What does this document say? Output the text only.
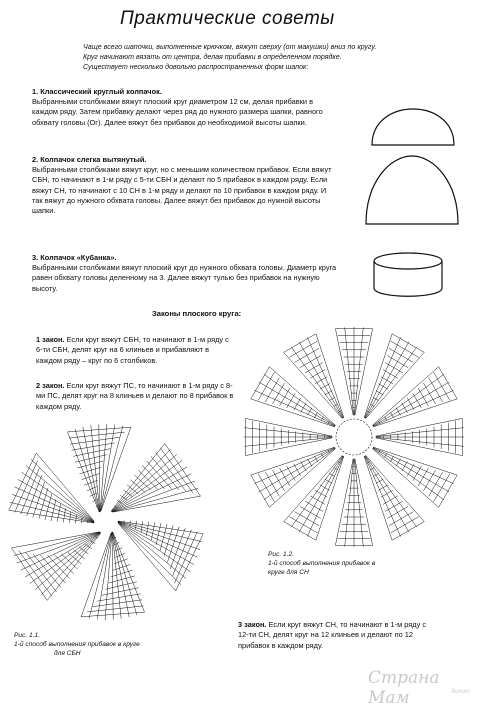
Практические советы

Чаще всего шапочки, выполненные крючком, вяжут сверху (от макушки) вниз по кругу.

Круг начинают вязать от центра, делая прибавки в определенном порядке.

Существует несколько довольно распространенных форм шапок:

1. Классический круглый колпачок.

Выбранными столбиками вяжут плоский круг диаметром 12 см, делая прибавки в каждом ряду. Затем прибавку делают через ряд до нужного размера шапки, равного обхвату головы (Ог). Далее вяжут без прибавок до необходимой высоты шапки.

2. Колпачок слегка вытянутый.

Выбранными столбиками вяжут круг, но с меньшим количеством прибавок. Если вяжут СБН, то начинают в 1-м ряду с 5-ти СБН и делают по 5 прибавок в каждом ряду. Если вяжут СН, то начинают с 10 СН в 1-м ряду и делают по 10 прибавок в каждом ряду. И так вяжут до нужного обхвата головы. Далее вяжут без прибавок до нужной высоты шапки.

3. Колпачок «Кубанка».

Выбранными столбиками вяжут плоский круг до нужного обхвата головы. Диаметр круга равен обхвату головы деленному на 3. Далее вяжут тулью без прибавок на нужную высоту.

Законы плоского круга:
1 закон. Если круг вяжут СБН, то начинают в 1-м ряду с 6-ти СБН, делят круг на 6 клиньев и прибавляют в каждом ряду – круг по 6 столбиков.
2 закон. Если круг вяжут ПС, то начинают в 1-м ряду с 8-ми ПС, делят круг на 8 клиньев и делают по 8 прибавок в каждом ряду.
3 закон. Если круг вяжут СН, то начинают в 1-м ряду с 12-ти СН, делят круг на 12 клиньев и делают по 12 прибавок в каждом ряду.
Рис. 1.1.
1-й способ выполнения прибавок в круге
для СБН
Рис. 1.2.
1-й способ выполнения прибавок в круге для СН
Страна Мам	Холит
